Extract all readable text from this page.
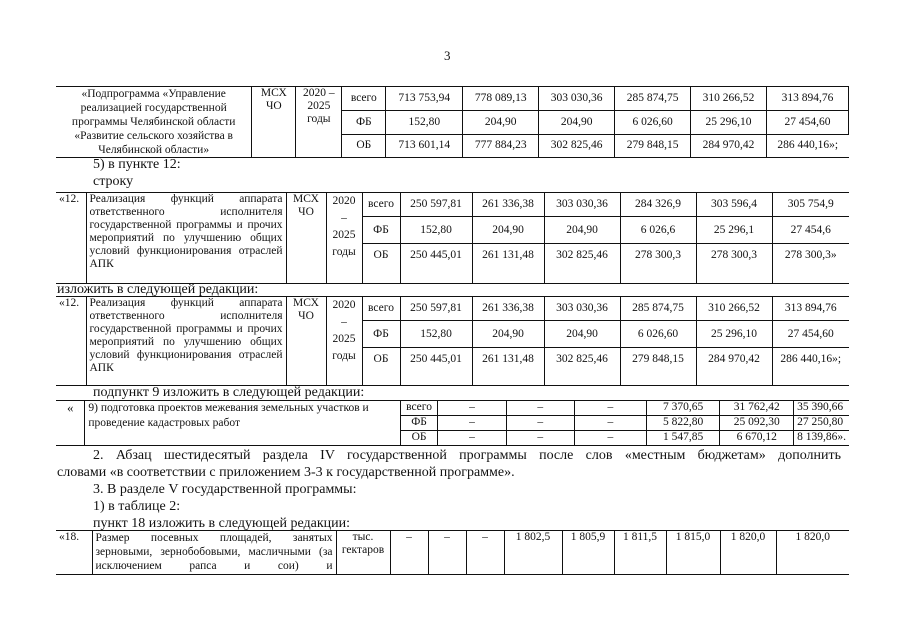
3
«Подпрограмма «Управление реализацией государственной программы Челябинской области «Развитие сельского хозяйства в Челябинской области»	МСХ ЧО	2020 – 2025 годы	всего	713 753,94	778 089,13	303 030,36	285 874,75	310 266,52	313 894,76
			ФБ	152,80	204,90	204,90	6 026,60	25 296,10	27 454,60
			ОБ	713 601,14	777 884,23	302 825,46	279 848,15	284 970,42	286 440,16»;
5) в пункте 12:
строку
«12.	Реализация функций аппарата ответственного исполнителя государственной программы и прочих мероприятий по улучшению общих условий функционирования отраслей АПК	МСХ ЧО	2020 – 2025 годы	всего	250 597,81	261 336,38	303 030,36	284 326,9	303 596,4	305 754,9
				ФБ	152,80	204,90	204,90	6 026,6	25 296,1	27 454,6
				ОБ	250 445,01	261 131,48	302 825,46	278 300,3	278 300,3	278 300,3»
изложить в следующей редакции:
«12.	Реализация функций аппарата ответственного исполнителя государственной программы и прочих мероприятий по улучшению общих условий функционирования отраслей АПК	МСХ ЧО	2020 – 2025 годы	всего	250 597,81	261 336,38	303 030,36	285 874,75	310 266,52	313 894,76
				ФБ	152,80	204,90	204,90	6 026,60	25 296,10	27 454,60
				ОБ	250 445,01	261 131,48	302 825,46	279 848,15	284 970,42	286 440,16»;
подпункт 9 изложить в следующей редакции:
«	9) подготовка проектов межевания земельных участков и проведение кадастровых работ	всего	–	–	–	7 370,65	31 762,42	35 390,66
		ФБ	–	–	–	5 822,80	25 092,30	27 250,80
		ОБ	–	–	–	1 547,85	6 670,12	8 139,86».
2. Абзац шестидесятый раздела IV государственной программы после слов «местным бюджетам» дополнить
словами «в соответствии с приложением 3-3 к государственной программе».
3. В разделе V государственной программы:
1) в таблице 2:
пункт 18 изложить в следующей редакции:
«18.	Размер посевных площадей, занятых зерновыми, зернобобовыми, масличными (за исключением рапса и сои) и	тыс. гектаров	–	–	–	1 802,5	1 805,9	1 811,5	1 815,0	1 820,0	1 820,0
